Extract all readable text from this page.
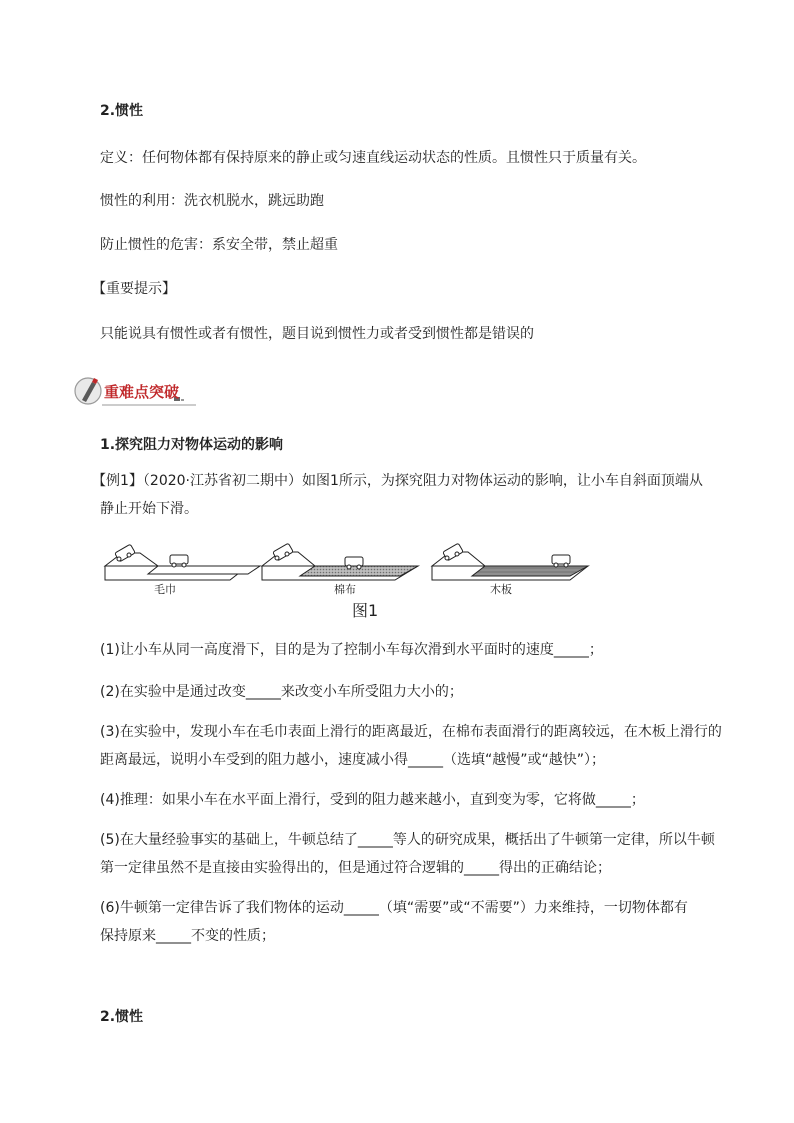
2.惯性
定义：任何物体都有保持原来的静止或匀速直线运动状态的性质。且惯性只于质量有关。
惯性的利用：洗衣机脱水，跳远助跑
防止惯性的危害：系安全带，禁止超重
【重要提示】
只能说具有惯性或者有惯性，题目说到惯性力或者受到惯性都是错误的
重难点突破
1.探究阻力对物体运动的影响
【例1】（2020·江苏省初二期中）如图1所示，为探究阻力对物体运动的影响，让小车自斜面顶端从
静止开始下滑。
毛巾	棉布	木板
图1
(1)让小车从同一高度滑下，目的是为了控制小车每次滑到水平面时的速度_____；
(2)在实验中是通过改变_____来改变小车所受阻力大小的；
(3)在实验中，发现小车在毛巾表面上滑行的距离最近，在棉布表面滑行的距离较远，在木板上滑行的
距离最远，说明小车受到的阻力越小，速度减小得_____（选填“越慢”或“越快”）；
(4)推理：如果小车在水平面上滑行，受到的阻力越来越小，直到变为零，它将做_____；
(5)在大量经验事实的基础上，牛顿总结了_____等人的研究成果，概括出了牛顿第一定律，所以牛顿
第一定律虽然不是直接由实验得出的，但是通过符合逻辑的_____得出的正确结论；
(6)牛顿第一定律告诉了我们物体的运动_____（填“需要”或“不需要”）力来维持，一切物体都有
保持原来_____不变的性质；
2.惯性
